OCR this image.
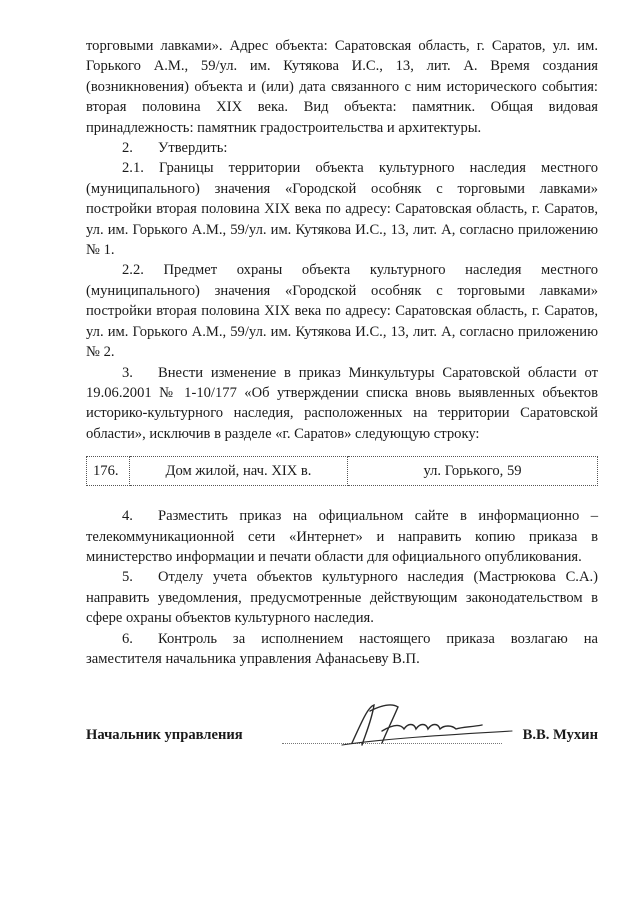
торговыми лавками». Адрес объекта: Саратовская область, г. Саратов, ул. им. Горького А.М., 59/ул. им. Кутякова И.С., 13, лит. А. Время создания (возникновения) объекта и (или) дата связанного с ним исторического события: вторая половина XIX века. Вид объекта: памятник. Общая видовая принадлежность: памятник градостроительства и архитектуры.

2. Утвердить:

2.1. Границы территории объекта культурного наследия местного (муниципального) значения «Городской особняк с торговыми лавками» постройки вторая половина XIX века по адресу: Саратовская область, г. Саратов, ул. им. Горького А.М., 59/ул. им. Кутякова И.С., 13, лит. А, согласно приложению № 1.

2.2. Предмет охраны объекта культурного наследия местного (муниципального) значения «Городской особняк с торговыми лавками» постройки вторая половина XIX века по адресу: Саратовская область, г. Саратов, ул. им. Горького А.М., 59/ул. им. Кутякова И.С., 13, лит. А, согласно приложению № 2.

3. Внести изменение в приказ Минкультуры Саратовской области от 19.06.2001 № 1-10/177 «Об утверждении списка вновь выявленных объектов историко-культурного наследия, расположенных на территории Саратовской области», исключив в разделе «г. Саратов» следующую строку:

176.	Дом жилой, нач. XIX в.	ул. Горького, 59

4. Разместить приказ на официальном сайте в информационно – телекоммуникационной сети «Интернет» и направить копию приказа в министерство информации и печати области для официального опубликования.

5. Отделу учета объектов культурного наследия (Мастрюкова С.А.) направить уведомления, предусмотренные действующим законодательством в сфере охраны объектов культурного наследия.

6. Контроль за исполнением настоящего приказа возлагаю на заместителя начальника управления Афанасьеву В.П.

Начальник управления	В.В. Мухин
